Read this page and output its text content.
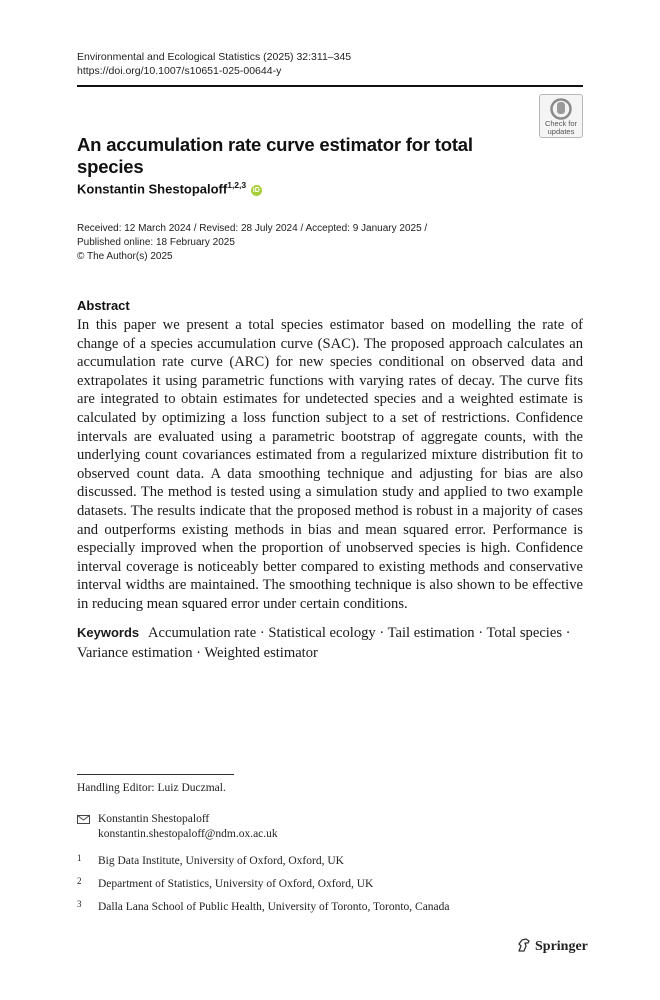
Environmental and Ecological Statistics (2025) 32:311–345
https://doi.org/10.1007/s10651-025-00644-y
Check for
updates
An accumulation rate curve estimator for total species
Konstantin Shestopaloff$^{1,2,3}$ iD
Received: 12 March 2024 / Revised: 28 July 2024 / Accepted: 9 January 2025 /
Published online: 18 February 2025
© The Author(s) 2025
Abstract

In this paper we present a total species estimator based on modelling the rate of change of a species accumulation curve (SAC). The proposed approach calculates an accumulation rate curve (ARC) for new species conditional on observed data and extrapolates it using parametric functions with varying rates of decay. The curve fits are integrated to obtain estimates for undetected species and a weighted estimate is calculated by optimizing a loss function subject to a set of restrictions. Confidence intervals are evaluated using a parametric bootstrap of aggregate counts, with the underlying count covariances estimated from a regularized mixture distribution fit to observed count data. A data smoothing technique and adjusting for bias are also discussed. The method is tested using a simulation study and applied to two example datasets. The results indicate that the proposed method is robust in a majority of cases and outperforms existing methods in bias and mean squared error. Performance is especially improved when the proportion of unobserved species is high. Confidence interval coverage is noticeably better compared to existing methods and conservative interval widths are maintained. The smoothing technique is also shown to be effective in reducing mean squared error under certain conditions.

Keywords Accumulation rate · Statistical ecology · Tail estimation · Total species · Variance estimation · Weighted estimator
Handling Editor: Luiz Duczmal.
Konstantin Shestopaloff
konstantin.shestopaloff@ndm.ox.ac.uk
1 Big Data Institute, University of Oxford, Oxford, UK
2 Department of Statistics, University of Oxford, Oxford, UK
3 Dalla Lana School of Public Health, University of Toronto, Toronto, Canada
Springer
